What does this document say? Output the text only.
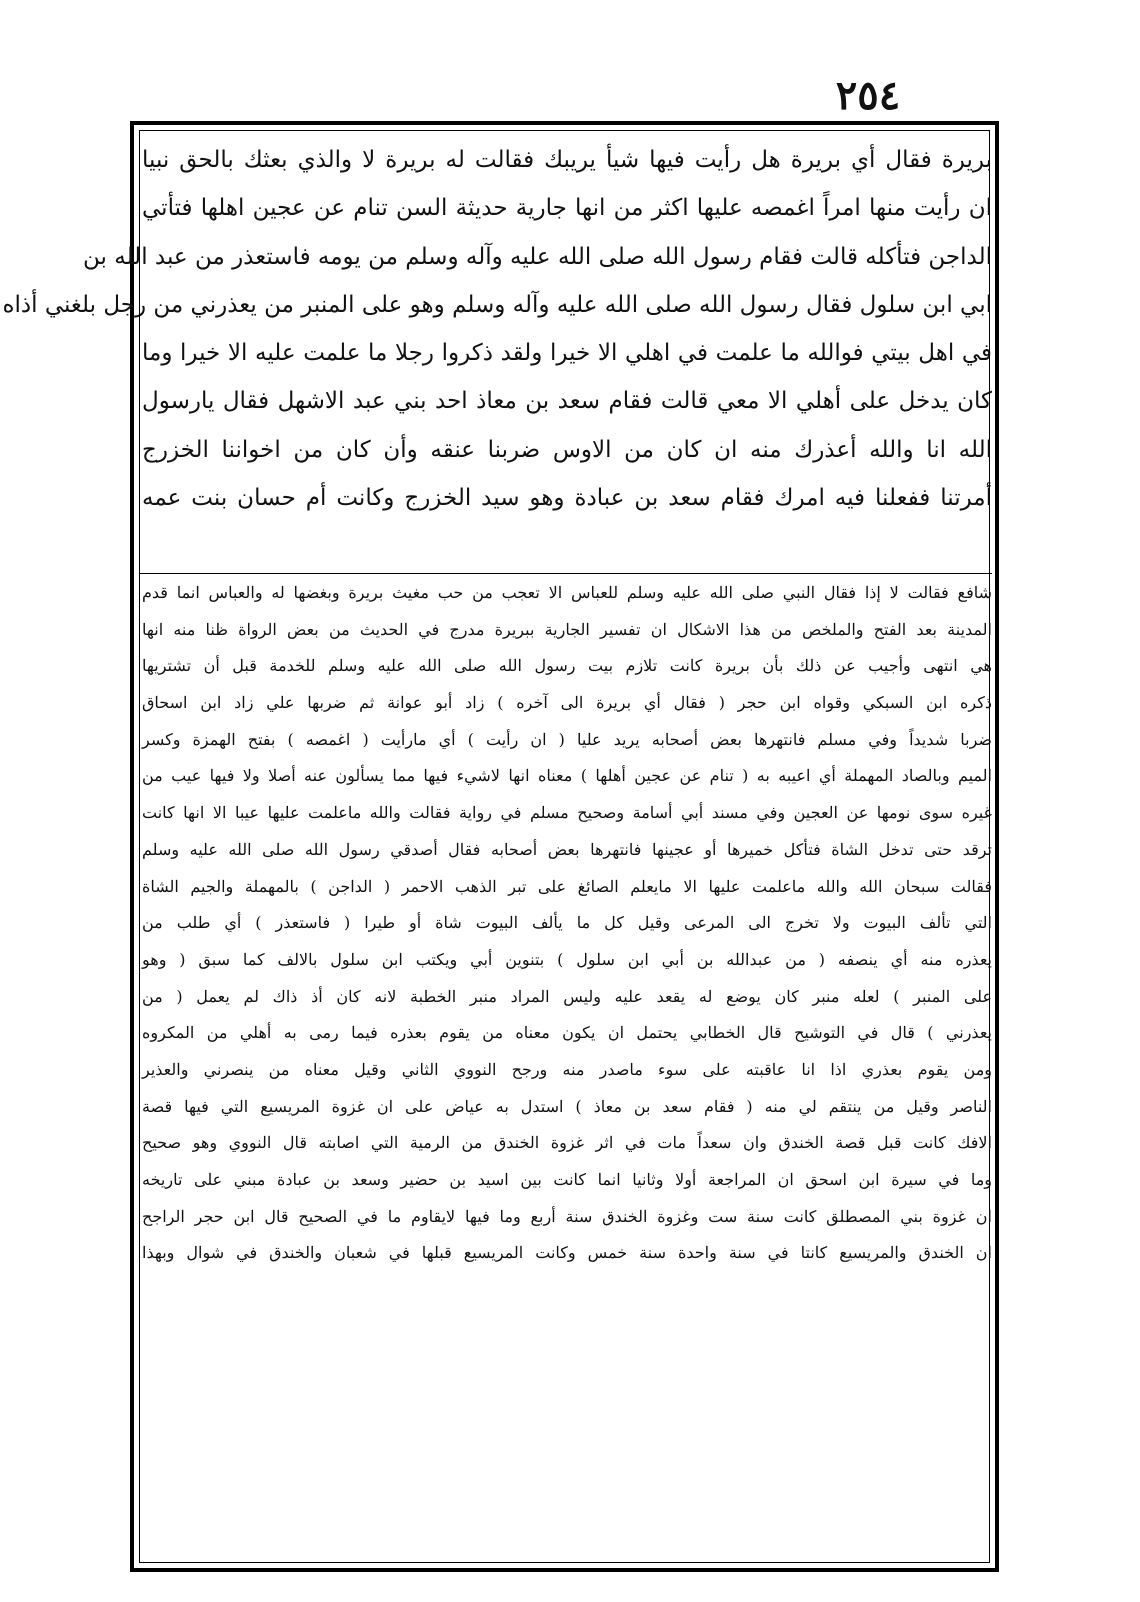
٢٥٤
بريرة فقال أي بريرة هل رأيت فيها شيأ يريبك فقالت له بريرة لا والذي بعثك بالحق نبيا
ان رأيت منها امراً اغمصه عليها اكثر من انها جارية حديثة السن تنام عن عجين اهلها فتأتي
الداجن فتأكله قالت فقام رسول الله صلى الله عليه وآله وسلم من يومه فاستعذر من عبد الله بن
ابي ابن سلول فقال رسول الله صلى الله عليه وآله وسلم وهو على المنبر من يعذرني من رجل بلغني أذاه
في اهل بيتي فوالله ما علمت في اهلي الا خيرا ولقد ذكروا رجلا ما علمت عليه الا خيرا وما
كان يدخل على أهلي الا معي قالت فقام سعد بن معاذ احد بني عبد الاشهل فقال يارسول
الله انا والله أعذرك منه ان كان من الاوس ضربنا عنقه وأن كان من اخواننا الخزرج
أمرتنا ففعلنا فيه امرك فقام سعد بن عبادة وهو سيد الخزرج وكانت أم حسان بنت عمه
شافع فقالت لا إذا فقال النبي صلى الله عليه وسلم للعباس الا تعجب من حب مغيث بريرة وبغضها له والعباس انما قدم
المدينة بعد الفتح والملخص من هذا الاشكال ان تفسير الجارية ببريرة مدرج في الحديث من بعض الرواة ظنا منه انها
هي انتهى وأجيب عن ذلك بأن بريرة كانت تلازم بيت رسول الله صلى الله عليه وسلم للخدمة قبل أن تشتريها
ذكره ابن السبكي وقواه ابن حجر ( فقال أي بريرة الى آخره ) زاد أبو عوانة ثم ضربها علي زاد ابن اسحاق
ضربا شديداً وفي مسلم فانتهرها بعض أصحابه يريد عليا ( ان رأيت ) أي مارأيت ( اغمصه ) بفتح الهمزة وكسر
الميم وبالصاد المهملة أي اعيبه به ( تنام عن عجين أهلها ) معناه انها لاشيء فيها مما يسألون عنه أصلا ولا فيها عيب من
غيره سوى نومها عن العجين وفي مسند أبي أسامة وصحيح مسلم في رواية فقالت والله ماعلمت عليها عيبا الا انها كانت
ترقد حتى تدخل الشاة فتأكل خميرها أو عجينها فانتهرها بعض أصحابه فقال أصدقي رسول الله صلى الله عليه وسلم
فقالت سبحان الله والله ماعلمت عليها الا مايعلم الصائغ على تبر الذهب الاحمر ( الداجن ) بالمهملة والجيم الشاة
التي تألف البيوت ولا تخرج الى المرعى وقيل كل ما يألف البيوت شاة أو طيرا ( فاستعذر ) أي طلب من
يعذره منه أي ينصفه ( من عبدالله بن أبي ابن سلول ) بتنوين أبي ويكتب ابن سلول بالالف كما سبق ( وهو
على المنبر ) لعله منبر كان يوضع له يقعد عليه وليس المراد منبر الخطبة لانه كان أذ ذاك لم يعمل ( من
يعذرني ) قال في التوشيح قال الخطابي يحتمل ان يكون معناه من يقوم بعذره فيما رمى به أهلي من المكروه
ومن يقوم بعذري اذا انا عاقبته على سوء ماصدر منه ورجح النووي الثاني وقيل معناه من ينصرني والعذير
الناصر وقيل من ينتقم لي منه ( فقام سعد بن معاذ ) استدل به عياض على ان غزوة المريسيع التي فيها قصة
الافك كانت قبل قصة الخندق وان سعداً مات في اثر غزوة الخندق من الرمية التي اصابته قال النووي وهو صحيح
وما في سيرة ابن اسحق ان المراجعة أولا وثانيا انما كانت بين اسيد بن حضير وسعد بن عبادة مبني على تاريخه
ان غزوة بني المصطلق كانت سنة ست وغزوة الخندق سنة أربع وما فيها لايقاوم ما في الصحيح قال ابن حجر الراجح
ان الخندق والمريسيع كانتا في سنة واحدة سنة خمس وكانت المريسيع قبلها في شعبان والخندق في شوال وبهذا
